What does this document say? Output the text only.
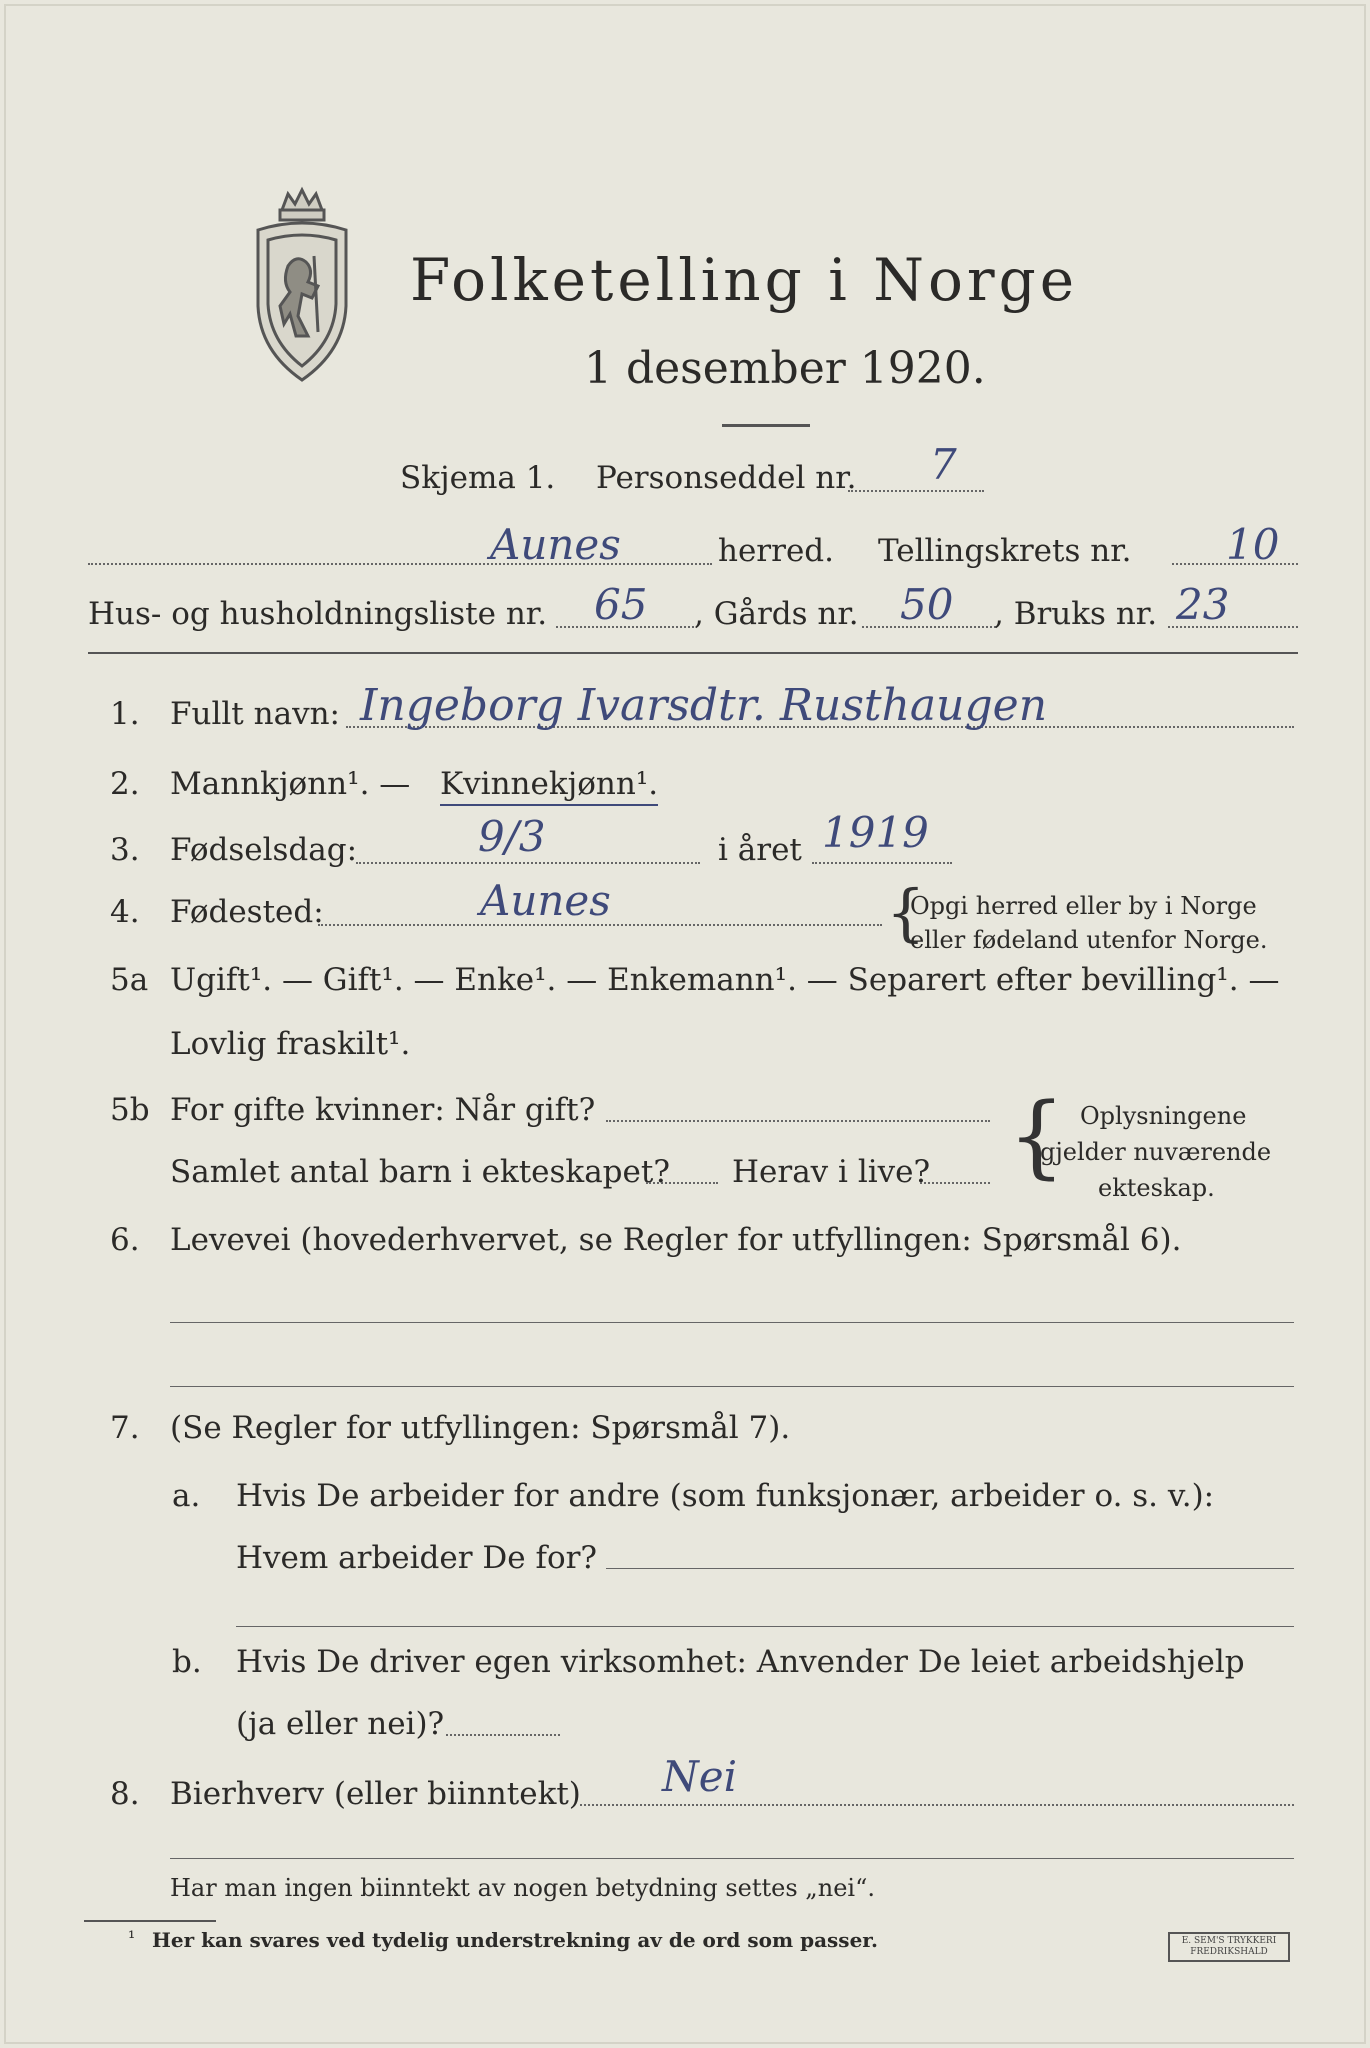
Folketelling i Norge
1 desember 1920.
Skjema 1. Personseddel nr. 7
Aunes	herred. Tellingskrets nr. 10
Hus- og husholdningsliste nr. 65 , Gårds nr. 50 , Bruks nr. 23
1. Fullt navn: Ingeborg Ivarsdtr. Rusthaugen
2. Mannkjønn¹. — Kvinnekjønn¹.
3. Fødselsdag:	9/3	i året 1919
4. Fødested:	Aunes	{
Opgi herred eller by i Norge
eller fødeland utenfor Norge.
5a Ugift¹. — Gift¹. — Enke¹. — Enkemann¹. — Separert efter bevilling¹. —
Lovlig fraskilt¹.
5b For gifte kvinner: Når gift?
Samlet antal barn i ekteskapet? Herav i live? { Oplysningene
gjelder nuværende
ekteskap.
6. Levevei (hovederhvervet, se Regler for utfyllingen: Spørsmål 6).
7. (Se Regler for utfyllingen: Spørsmål 7).
a. Hvis De arbeider for andre (som funksjonær, arbeider o. s. v.):
Hvem arbeider De for?
b. Hvis De driver egen virksomhet: Anvender De leiet arbeidshjelp
(ja eller nei)?
8. Bierhverv (eller biinntekt) Nei
Har man ingen biinntekt av nogen betydning settes „nei“.
¹ Her kan svares ved tydelig understrekning av de ord som passer.	E. SEM'S TRYKKERI
FREDRIKSHALD
